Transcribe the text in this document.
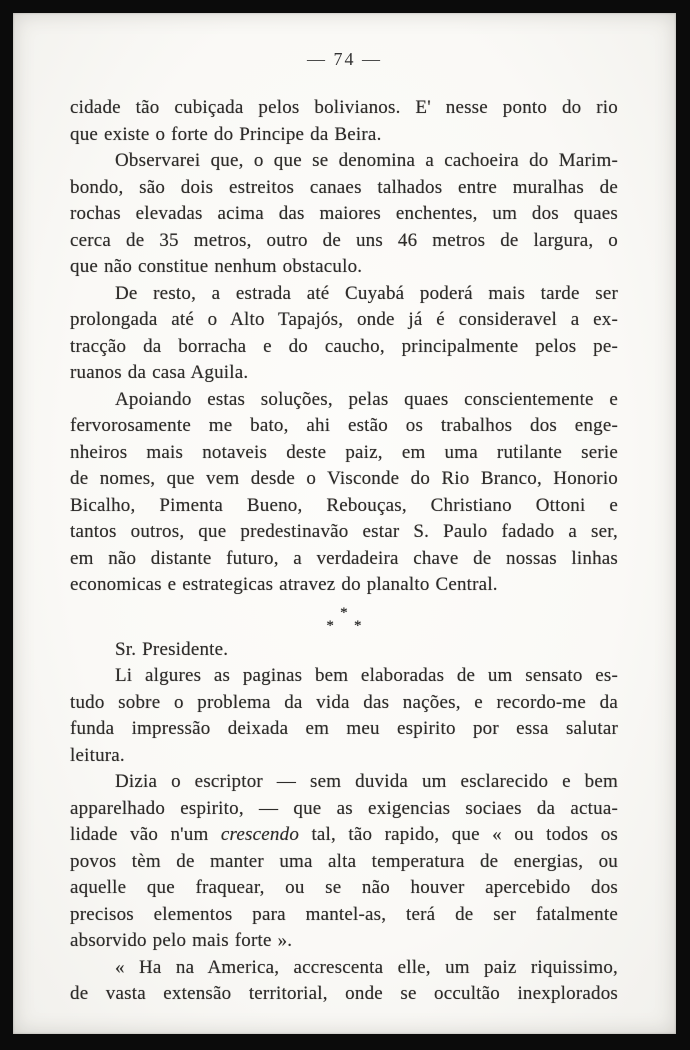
— 74 —
cidade tão cubiçada pelos bolivianos. E' nesse ponto do rio
que existe o forte do Principe da Beira.
Observarei que, o que se denomina a cachoeira do Marim-
bondo, são dois estreitos canaes talhados entre muralhas de
rochas elevadas acima das maiores enchentes, um dos quaes
cerca de 35 metros, outro de uns 46 metros de largura, o
que não constitue nenhum obstaculo.
De resto, a estrada até Cuyabá poderá mais tarde ser
prolongada até o Alto Tapajós, onde já é consideravel a ex-
tracção da borracha e do caucho, principalmente pelos pe-
ruanos da casa Aguila.
Apoiando estas soluções, pelas quaes conscientemente e
fervorosamente me bato, ahi estão os trabalhos dos enge-
nheiros mais notaveis deste paiz, em uma rutilante serie
de nomes, que vem desde o Visconde do Rio Branco, Honorio
Bicalho, Pimenta Bueno, Rebouças, Christiano Ottoni e
tantos outros, que predestinavão estar S. Paulo fadado a ser,
em não distante futuro, a verdadeira chave de nossas linhas
economicas e estrategicas atravez do planalto Central.
*
* *
Sr. Presidente.
Li algures as paginas bem elaboradas de um sensato es-
tudo sobre o problema da vida das nações, e recordo-me da
funda impressão deixada em meu espirito por essa salutar
leitura.
Dizia o escriptor — sem duvida um esclarecido e bem
apparelhado espirito, — que as exigencias sociaes da actua-
lidade vão n'um crescendo tal, tão rapido, que « ou todos os
povos tèm de manter uma alta temperatura de energias, ou
aquelle que fraquear, ou se não houver apercebido dos
precisos elementos para mantel-as, terá de ser fatalmente
absorvido pelo mais forte ».
« Ha na America, accrescenta elle, um paiz riquissimo,
de vasta extensão territorial, onde se occultão inexplorados
